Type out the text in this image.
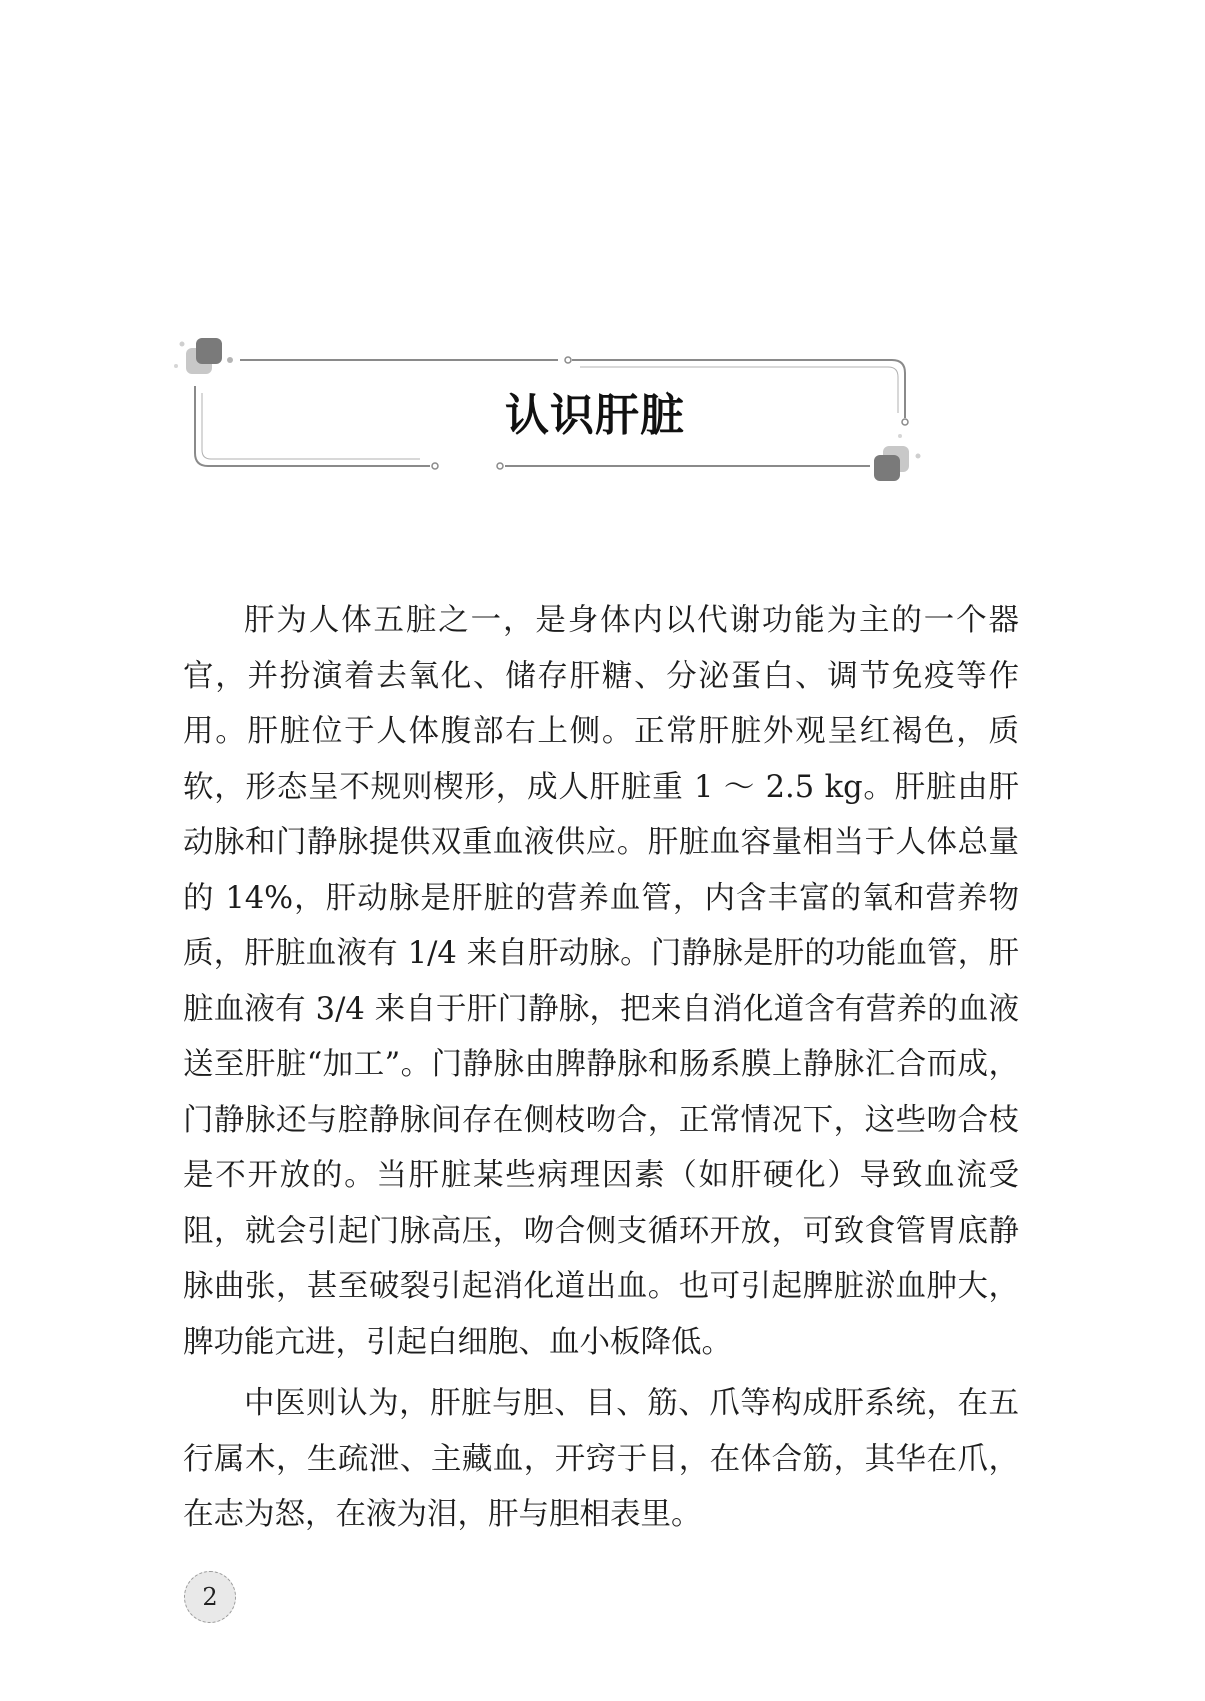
认识肝脏

肝为人体五脏之一，是身体内以代谢功能为主的一个器官，并扮演着去氧化、储存肝糖、分泌蛋白、调节免疫等作用。肝脏位于人体腹部右上侧。正常肝脏外观呈红褐色，质软，形态呈不规则楔形，成人肝脏重 1 ～ 2.5 kg。肝脏由肝动脉和门静脉提供双重血液供应。肝脏血容量相当于人体总量的 14%，肝动脉是肝脏的营养血管，内含丰富的氧和营养物质，肝脏血液有 1/4 来自肝动脉。门静脉是肝的功能血管，肝脏血液有 3/4 来自于肝门静脉，把来自消化道含有营养的血液送至肝脏“加工”。门静脉由脾静脉和肠系膜上静脉汇合而成，门静脉还与腔静脉间存在侧枝吻合，正常情况下，这些吻合枝是不开放的。当肝脏某些病理因素（如肝硬化）导致血流受阻，就会引起门脉高压，吻合侧支循环开放，可致食管胃底静脉曲张，甚至破裂引起消化道出血。也可引起脾脏淤血肿大，脾功能亢进，引起白细胞、血小板降低。

中医则认为，肝脏与胆、目、筋、爪等构成肝系统，在五行属木，生疏泄、主藏血，开窍于目，在体合筋，其华在爪，在志为怒，在液为泪，肝与胆相表里。

2
